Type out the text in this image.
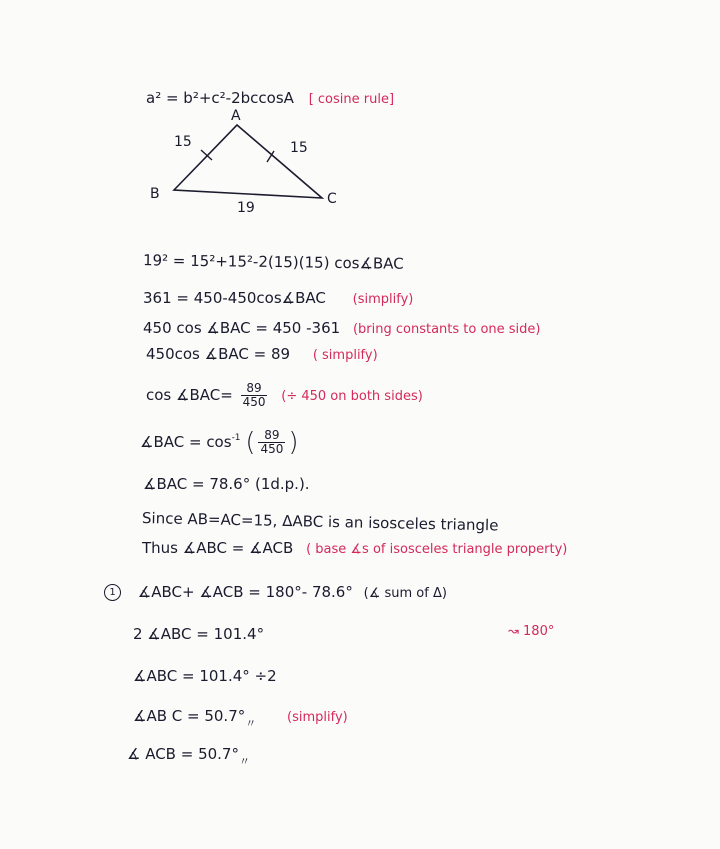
a² = b²+c²-2bccosA [ cosine rule]
A
B	C
15	15
19
19² = 15²+15²-2(15)(15) cos∡BAC
361 = 450-450cos∡BAC (simplify)
450 cos ∡BAC = 450 -361 (bring constants to one side)
450cos ∡BAC = 89 ( simplify)
cos ∡BAC= $\frac{89}{450}$ (÷ 450 on both sides)
∡BAC = $\cos^{-1}$ ( $\frac{89}{450}$ )
∡BAC = 78.6° (1d.p.).
Since AB=AC=15, ΔABC is an isosceles triangle
Thus ∡ABC = ∡ACB ( base ∡s of isosceles triangle property)
1 ∡ABC+ ∡ACB = 180°- 78.6° (∡ sum of Δ)
↝ 180°
2 ∡ABC = 101.4°
∡ABC = 101.4° ÷2
∡AB $C = 50.7^\circ_〃$ (simplify)
∡ ACB = $50.7^\circ_〃$
